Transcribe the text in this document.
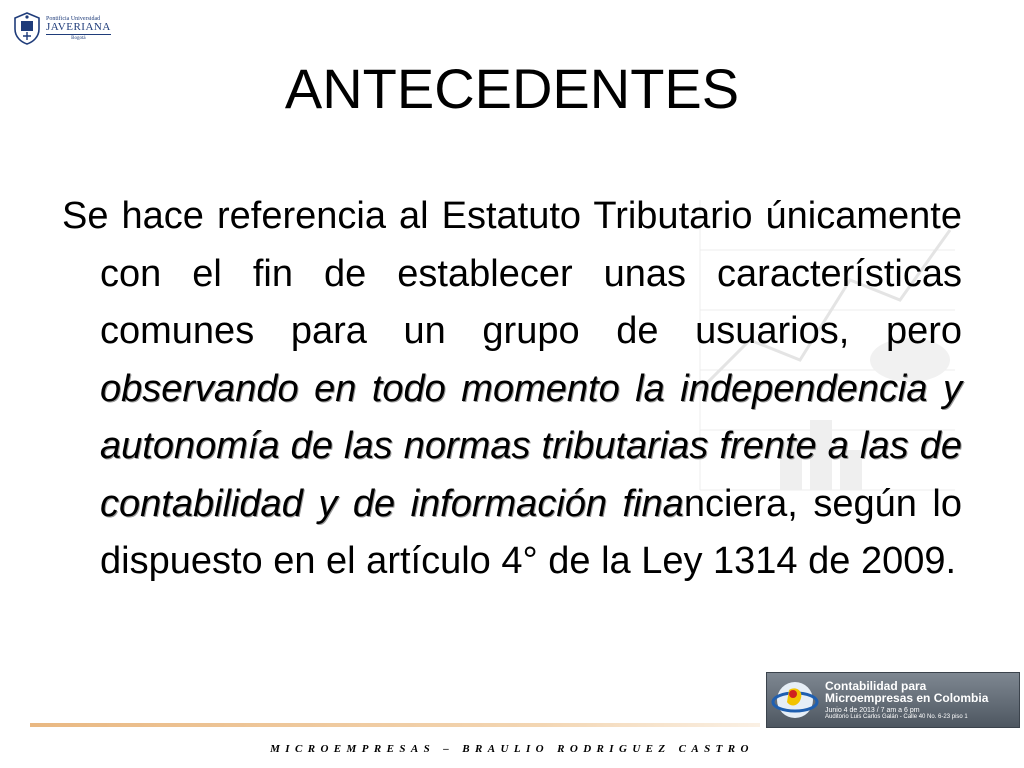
Pontificia Universidad
JAVERIANA
Bogotá
ANTECEDENTES

Se hace referencia al Estatuto Tributario únicamente con el fin de establecer unas características comunes para un grupo de usuarios, pero observando en todo momento la independencia y autonomía de las normas tributarias frente a las de contabilidad y de información financiera, según lo dispuesto en el artículo 4° de la Ley 1314 de 2009.

Contabilidad para
Microempresas en Colombia
Junio 4 de 2013 / 7 am a 6 pm
Auditorio Luis Carlos Galán - Calle 40 No. 6-23 piso 1
MICROEMPRESAS – BRAULIO RODRIGUEZ CASTRO
